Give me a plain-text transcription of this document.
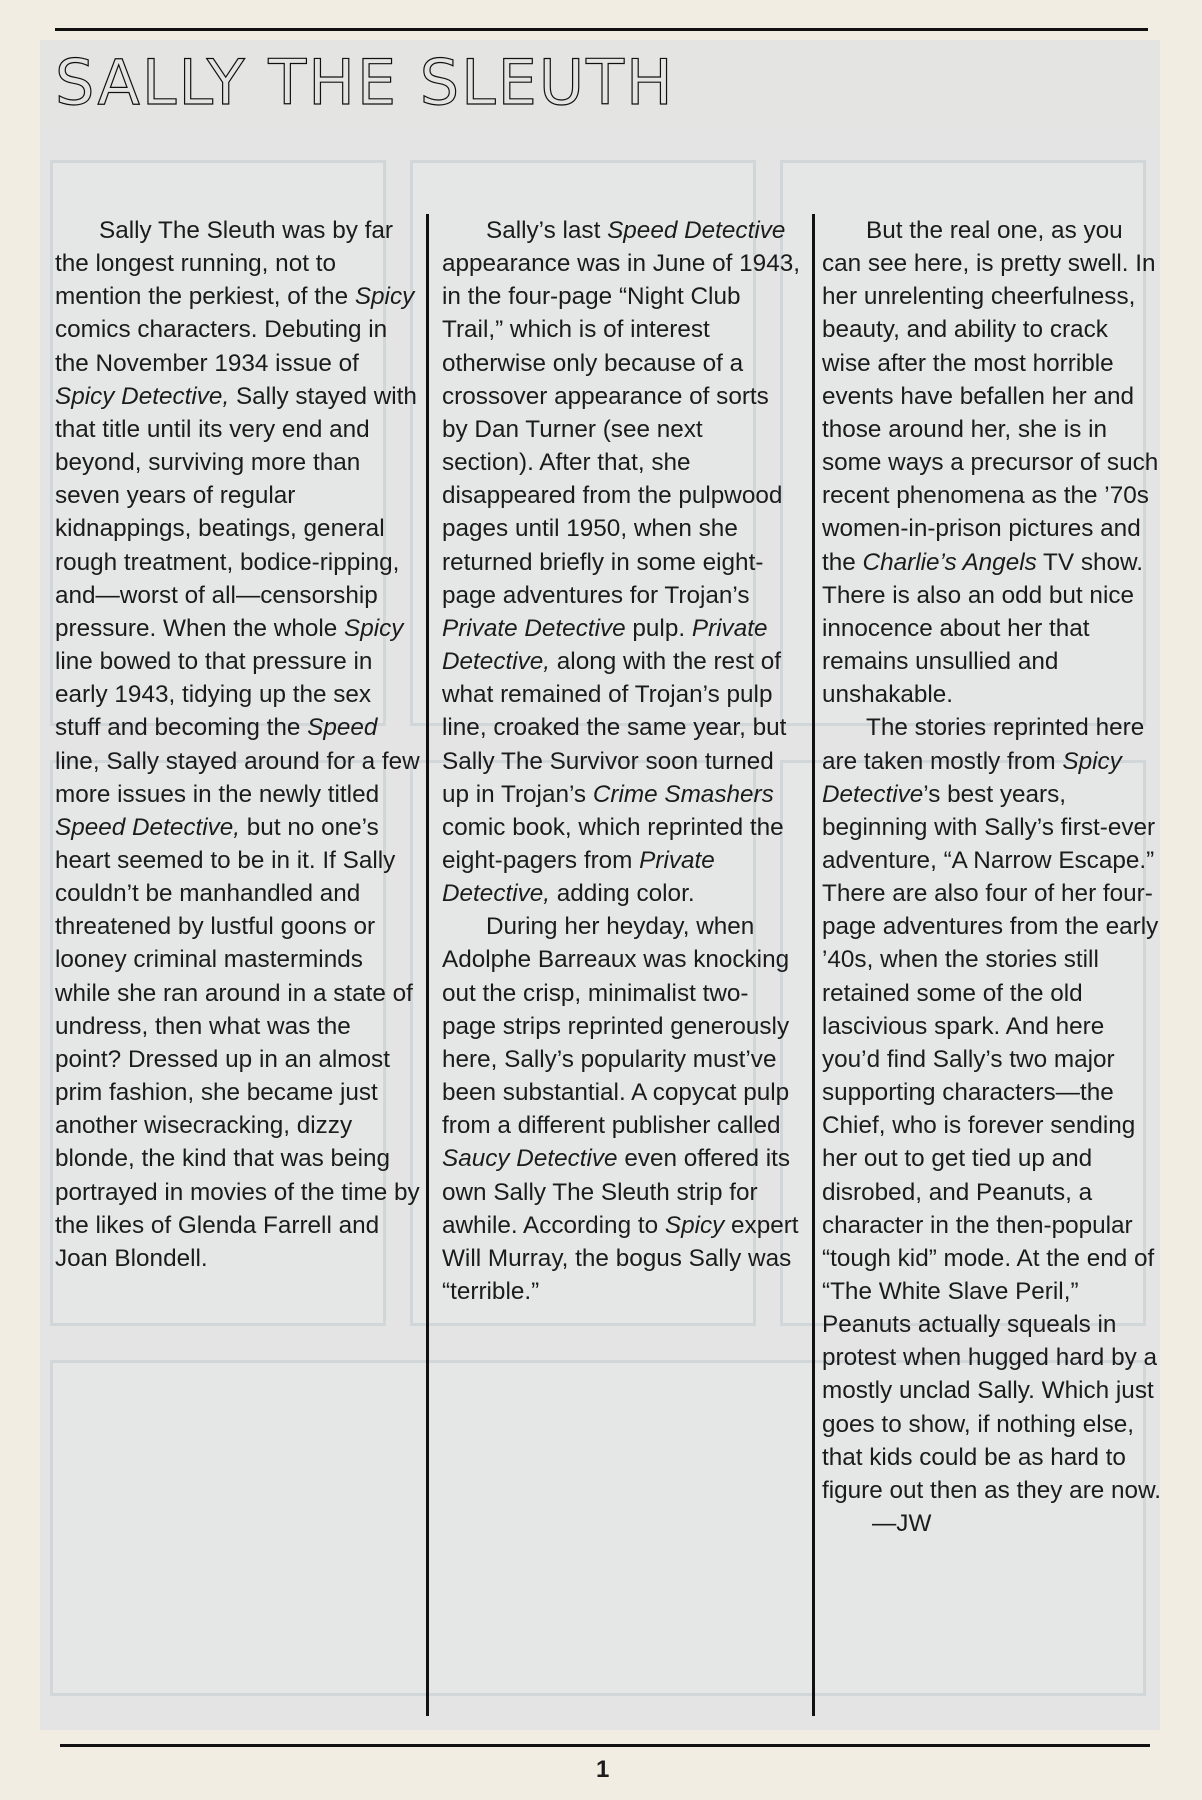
SALLY THE SLEUTH

Sally The Sleuth was by far the longest running, not to mention the perkiest, of the Spicy comics characters. Debuting in the November 1934 issue of Spicy Detective, Sally stayed with that title until its very end and beyond, surviving more than seven years of regular kidnappings, beatings, general rough treatment, bodice-ripping, and—worst of all—censorship pressure. When the whole Spicy line bowed to that pressure in early 1943, tidying up the sex stuff and becoming the Speed line, Sally stayed around for a few more issues in the newly titled Speed Detective, but no one’s heart seemed to be in it. If Sally couldn’t be manhandled and threatened by lustful goons or looney criminal masterminds while she ran around in a state of undress, then what was the point? Dressed up in an almost prim fashion, she became just another wisecracking, dizzy blonde, the kind that was being portrayed in movies of the time by the likes of Glenda Farrell and Joan Blondell.

Sally’s last Speed Detective appearance was in June of 1943, in the four-page “Night Club Trail,” which is of interest otherwise only because of a crossover appearance of sorts by Dan Turner (see next section). After that, she disappeared from the pulpwood pages until 1950, when she returned briefly in some eight-page adventures for Trojan’s Private Detective pulp. Private Detective, along with the rest of what remained of Trojan’s pulp line, croaked the same year, but Sally The Survivor soon turned up in Trojan’s Crime Smashers comic book, which reprinted the eight-pagers from Private Detective, adding color.

During her heyday, when Adolphe Barreaux was knocking out the crisp, minimalist two-page strips reprinted generously here, Sally’s popularity must’ve been substantial. A copycat pulp from a different publisher called Saucy Detective even offered its own Sally The Sleuth strip for awhile. According to Spicy expert Will Murray, the bogus Sally was “terrible.”

But the real one, as you can see here, is pretty swell. In her unrelenting cheerfulness, beauty, and ability to crack wise after the most horrible events have befallen her and those around her, she is in some ways a precursor of such recent phenomena as the ’70s women-in-prison pictures and the Charlie’s Angels TV show. There is also an odd but nice innocence about her that remains unsullied and unshakable.

The stories reprinted here are taken mostly from Spicy Detective’s best years, beginning with Sally’s first-ever adventure, “A Narrow Escape.” There are also four of her four-page adventures from the early ’40s, when the stories still retained some of the old lascivious spark. And here you’d find Sally’s two major supporting characters—the Chief, who is forever sending her out to get tied up and disrobed, and Peanuts, a character in the then-popular “tough kid” mode. At the end of “The White Slave Peril,” Peanuts actually squeals in protest when hugged hard by a mostly unclad Sally. Which just goes to show, if nothing else, that kids could be as hard to figure out then as they are now.

—JW
1
